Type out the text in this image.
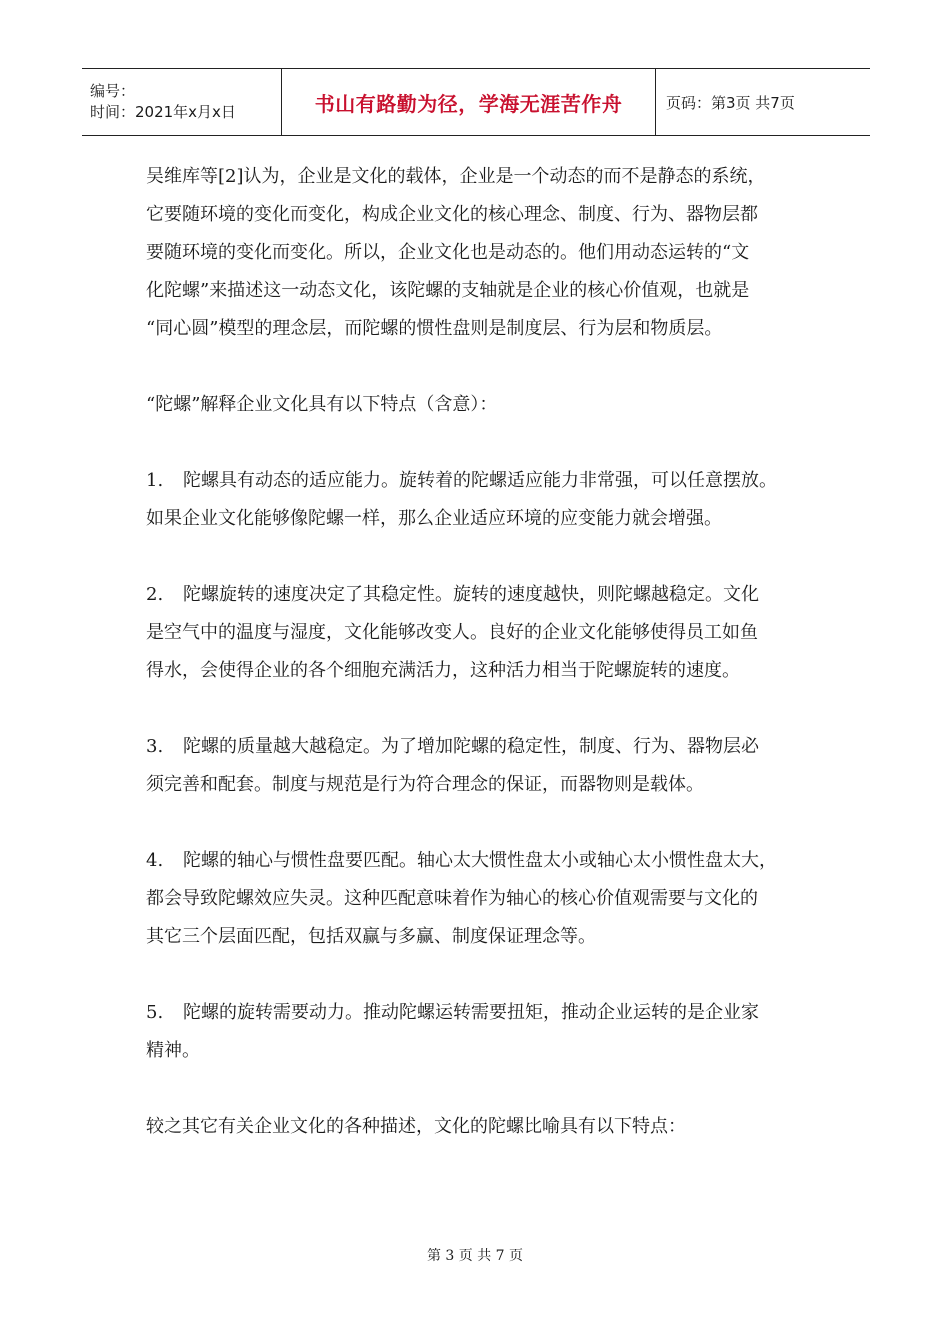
编号：
时间：2021年x月x日	书山有路勤为径，学海无涯苦作舟	页码：第3页 共7页

吴维库等[2]认为，企业是文化的载体，企业是一个动态的而不是静态的系统，

它要随环境的变化而变化，构成企业文化的核心理念、制度、行为、器物层都

要随环境的变化而变化。所以，企业文化也是动态的。他们用动态运转的“文

化陀螺”来描述这一动态文化，该陀螺的支轴就是企业的核心价值观，也就是

“同心圆”模型的理念层，而陀螺的惯性盘则是制度层、行为层和物质层。

“陀螺”解释企业文化具有以下特点（含意）：

1. 陀螺具有动态的适应能力。旋转着的陀螺适应能力非常强，可以任意摆放。

如果企业文化能够像陀螺一样，那么企业适应环境的应变能力就会增强。

2. 陀螺旋转的速度决定了其稳定性。旋转的速度越快，则陀螺越稳定。文化

是空气中的温度与湿度，文化能够改变人。良好的企业文化能够使得员工如鱼

得水，会使得企业的各个细胞充满活力，这种活力相当于陀螺旋转的速度。

3. 陀螺的质量越大越稳定。为了增加陀螺的稳定性，制度、行为、器物层必

须完善和配套。制度与规范是行为符合理念的保证，而器物则是载体。

4. 陀螺的轴心与惯性盘要匹配。轴心太大惯性盘太小或轴心太小惯性盘太大，

都会导致陀螺效应失灵。这种匹配意味着作为轴心的核心价值观需要与文化的

其它三个层面匹配，包括双赢与多赢、制度保证理念等。

5. 陀螺的旋转需要动力。推动陀螺运转需要扭矩，推动企业运转的是企业家

精神。

较之其它有关企业文化的各种描述，文化的陀螺比喻具有以下特点：

第 3 页 共 7 页
